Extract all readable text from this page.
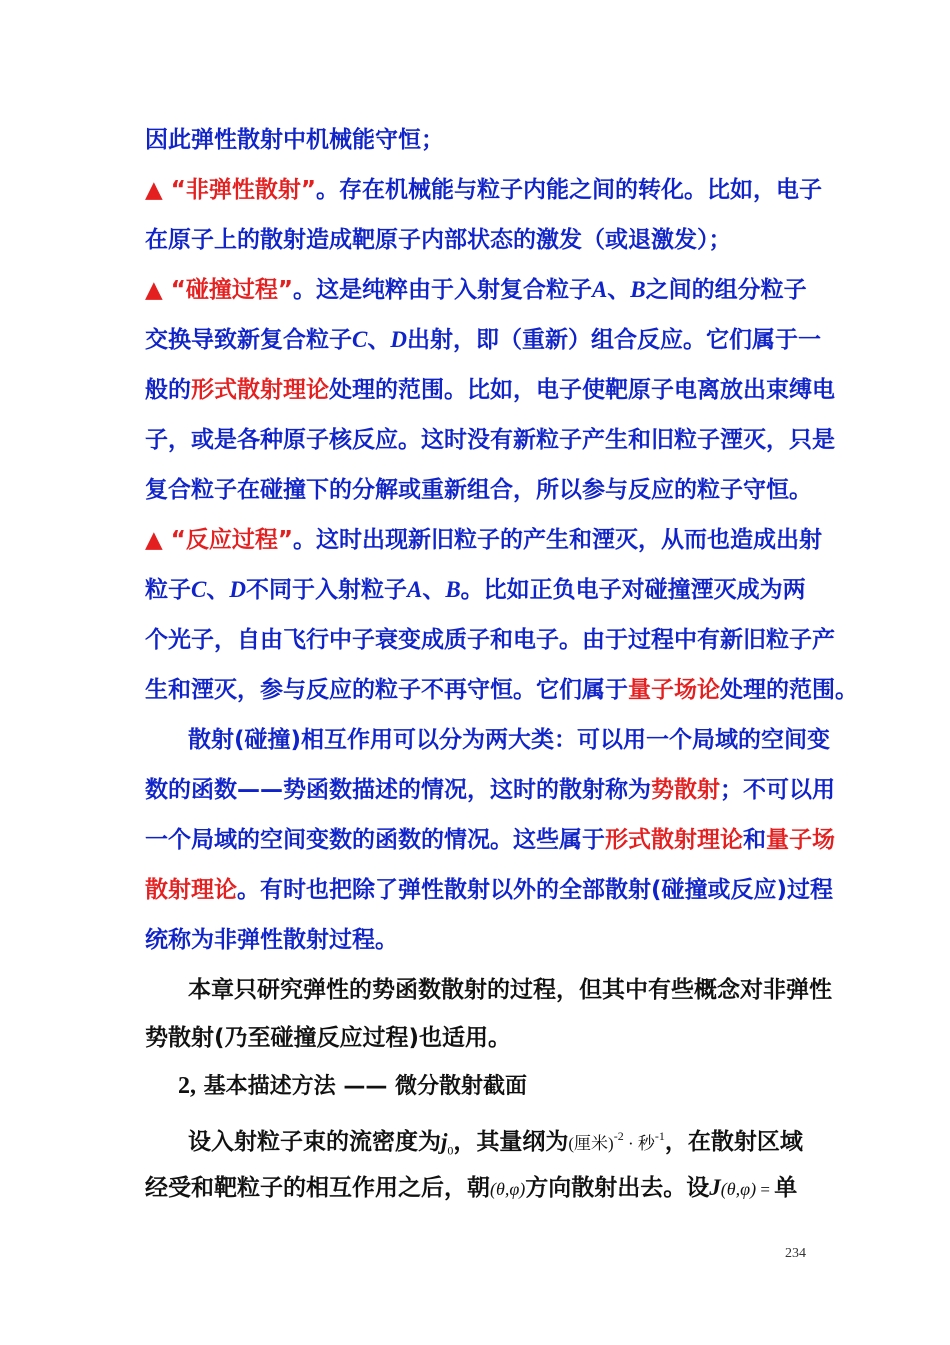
因此弹性散射中机械能守恒；
▲ “非弹性散射”。存在机械能与粒子内能之间的转化。比如，电子
在原子上的散射造成靶原子内部状态的激发（或退激发）；
▲ “碰撞过程”。这是纯粹由于入射复合粒子A、B之间的组分粒子
交换导致新复合粒子C、D出射，即（重新）组合反应。它们属于一
般的形式散射理论处理的范围。比如，电子使靶原子电离放出束缚电
子，或是各种原子核反应。这时没有新粒子产生和旧粒子湮灭，只是
复合粒子在碰撞下的分解或重新组合，所以参与反应的粒子守恒。
▲ “反应过程”。这时出现新旧粒子的产生和湮灭，从而也造成出射
粒子C、D不同于入射粒子A、B。比如正负电子对碰撞湮灭成为两
个光子，自由飞行中子衰变成质子和电子。由于过程中有新旧粒子产
生和湮灭，参与反应的粒子不再守恒。它们属于量子场论处理的范围。
散射(碰撞)相互作用可以分为两大类：可以用一个局域的空间变
数的函数——势函数描述的情况，这时的散射称为势散射；不可以用
一个局域的空间变数的函数的情况。这些属于形式散射理论和量子场
散射理论。有时也把除了弹性散射以外的全部散射(碰撞或反应)过程
统称为非弹性散射过程。
本章只研究弹性的势函数散射的过程，但其中有些概念对非弹性
势散射(乃至碰撞反应过程)也适用。
2, 基本描述方法 —— 微分散射截面
设入射粒子束的流密度为$j_0$，其量纲为(厘米)$^{-2}$ · 秒$^{-1}$，在散射区域
经受和靶粒子的相互作用之后，朝(θ,φ)方向散射出去。设J(θ,φ) = 单
234
